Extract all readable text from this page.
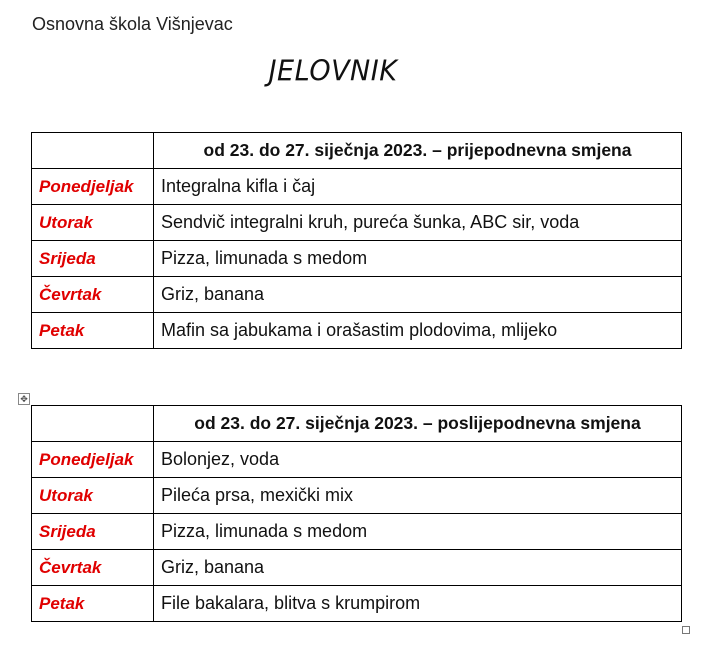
Osnovna škola Višnjevac
JELOVNIK
	od 23. do 27. siječnja 2023. – prijepodnevna smjena
Ponedjeljak	Integralna kifla i čaj
Utorak	Sendvič integralni kruh, pureća šunka, ABC sir, voda
Srijeda	Pizza, limunada s medom
Čevrtak	Griz, banana
Petak	Mafin sa jabukama i orašastim plodovima, mlijeko
✥
	od 23. do 27. siječnja 2023. – poslijepodnevna smjena
Ponedjeljak	Bolonjez, voda
Utorak	Pileća prsa, mexički mix
Srijeda	Pizza, limunada s medom
Čevrtak	Griz, banana
Petak	File bakalara, blitva s krumpirom
